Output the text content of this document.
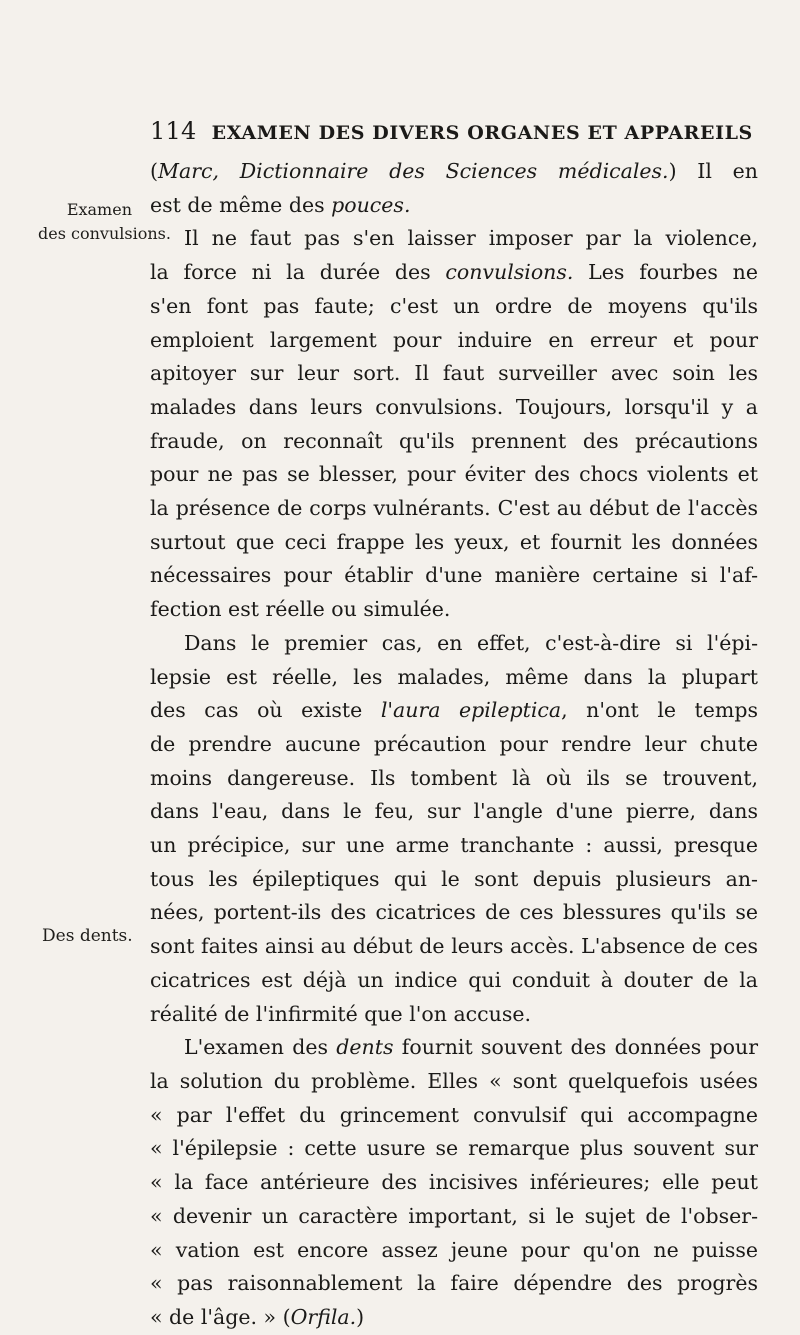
114 EXAMEN DES DIVERS ORGANES ET APPAREILS
Examen
des convulsions.
Des dents.
(Marc, Dictionnaire des Sciences médicales.) Il en
est de même des pouces.
Il ne faut pas s'en laisser imposer par la violence,
la force ni la durée des convulsions. Les fourbes ne
s'en font pas faute; c'est un ordre de moyens qu'ils
emploient largement pour induire en erreur et pour
apitoyer sur leur sort. Il faut surveiller avec soin les
malades dans leurs convulsions. Toujours, lorsqu'il y a
fraude, on reconnaît qu'ils prennent des précautions
pour ne pas se blesser, pour éviter des chocs violents et
la présence de corps vulnérants. C'est au début de l'accès
surtout que ceci frappe les yeux, et fournit les données
nécessaires pour établir d'une manière certaine si l'af-
fection est réelle ou simulée.
Dans le premier cas, en effet, c'est-à-dire si l'épi-
lepsie est réelle, les malades, même dans la plupart
des cas où existe l'aura epileptica, n'ont le temps
de prendre aucune précaution pour rendre leur chute
moins dangereuse. Ils tombent là où ils se trouvent,
dans l'eau, dans le feu, sur l'angle d'une pierre, dans
un précipice, sur une arme tranchante : aussi, presque
tous les épileptiques qui le sont depuis plusieurs an-
nées, portent-ils des cicatrices de ces blessures qu'ils se
sont faites ainsi au début de leurs accès. L'absence de ces
cicatrices est déjà un indice qui conduit à douter de la
réalité de l'infirmité que l'on accuse.
L'examen des dents fournit souvent des données pour
la solution du problème. Elles « sont quelquefois usées
« par l'effet du grincement convulsif qui accompagne
« l'épilepsie : cette usure se remarque plus souvent sur
« la face antérieure des incisives inférieures; elle peut
« devenir un caractère important, si le sujet de l'obser-
« vation est encore assez jeune pour qu'on ne puisse
« pas raisonnablement la faire dépendre des progrès
« de l'âge. » (Orfila.)
